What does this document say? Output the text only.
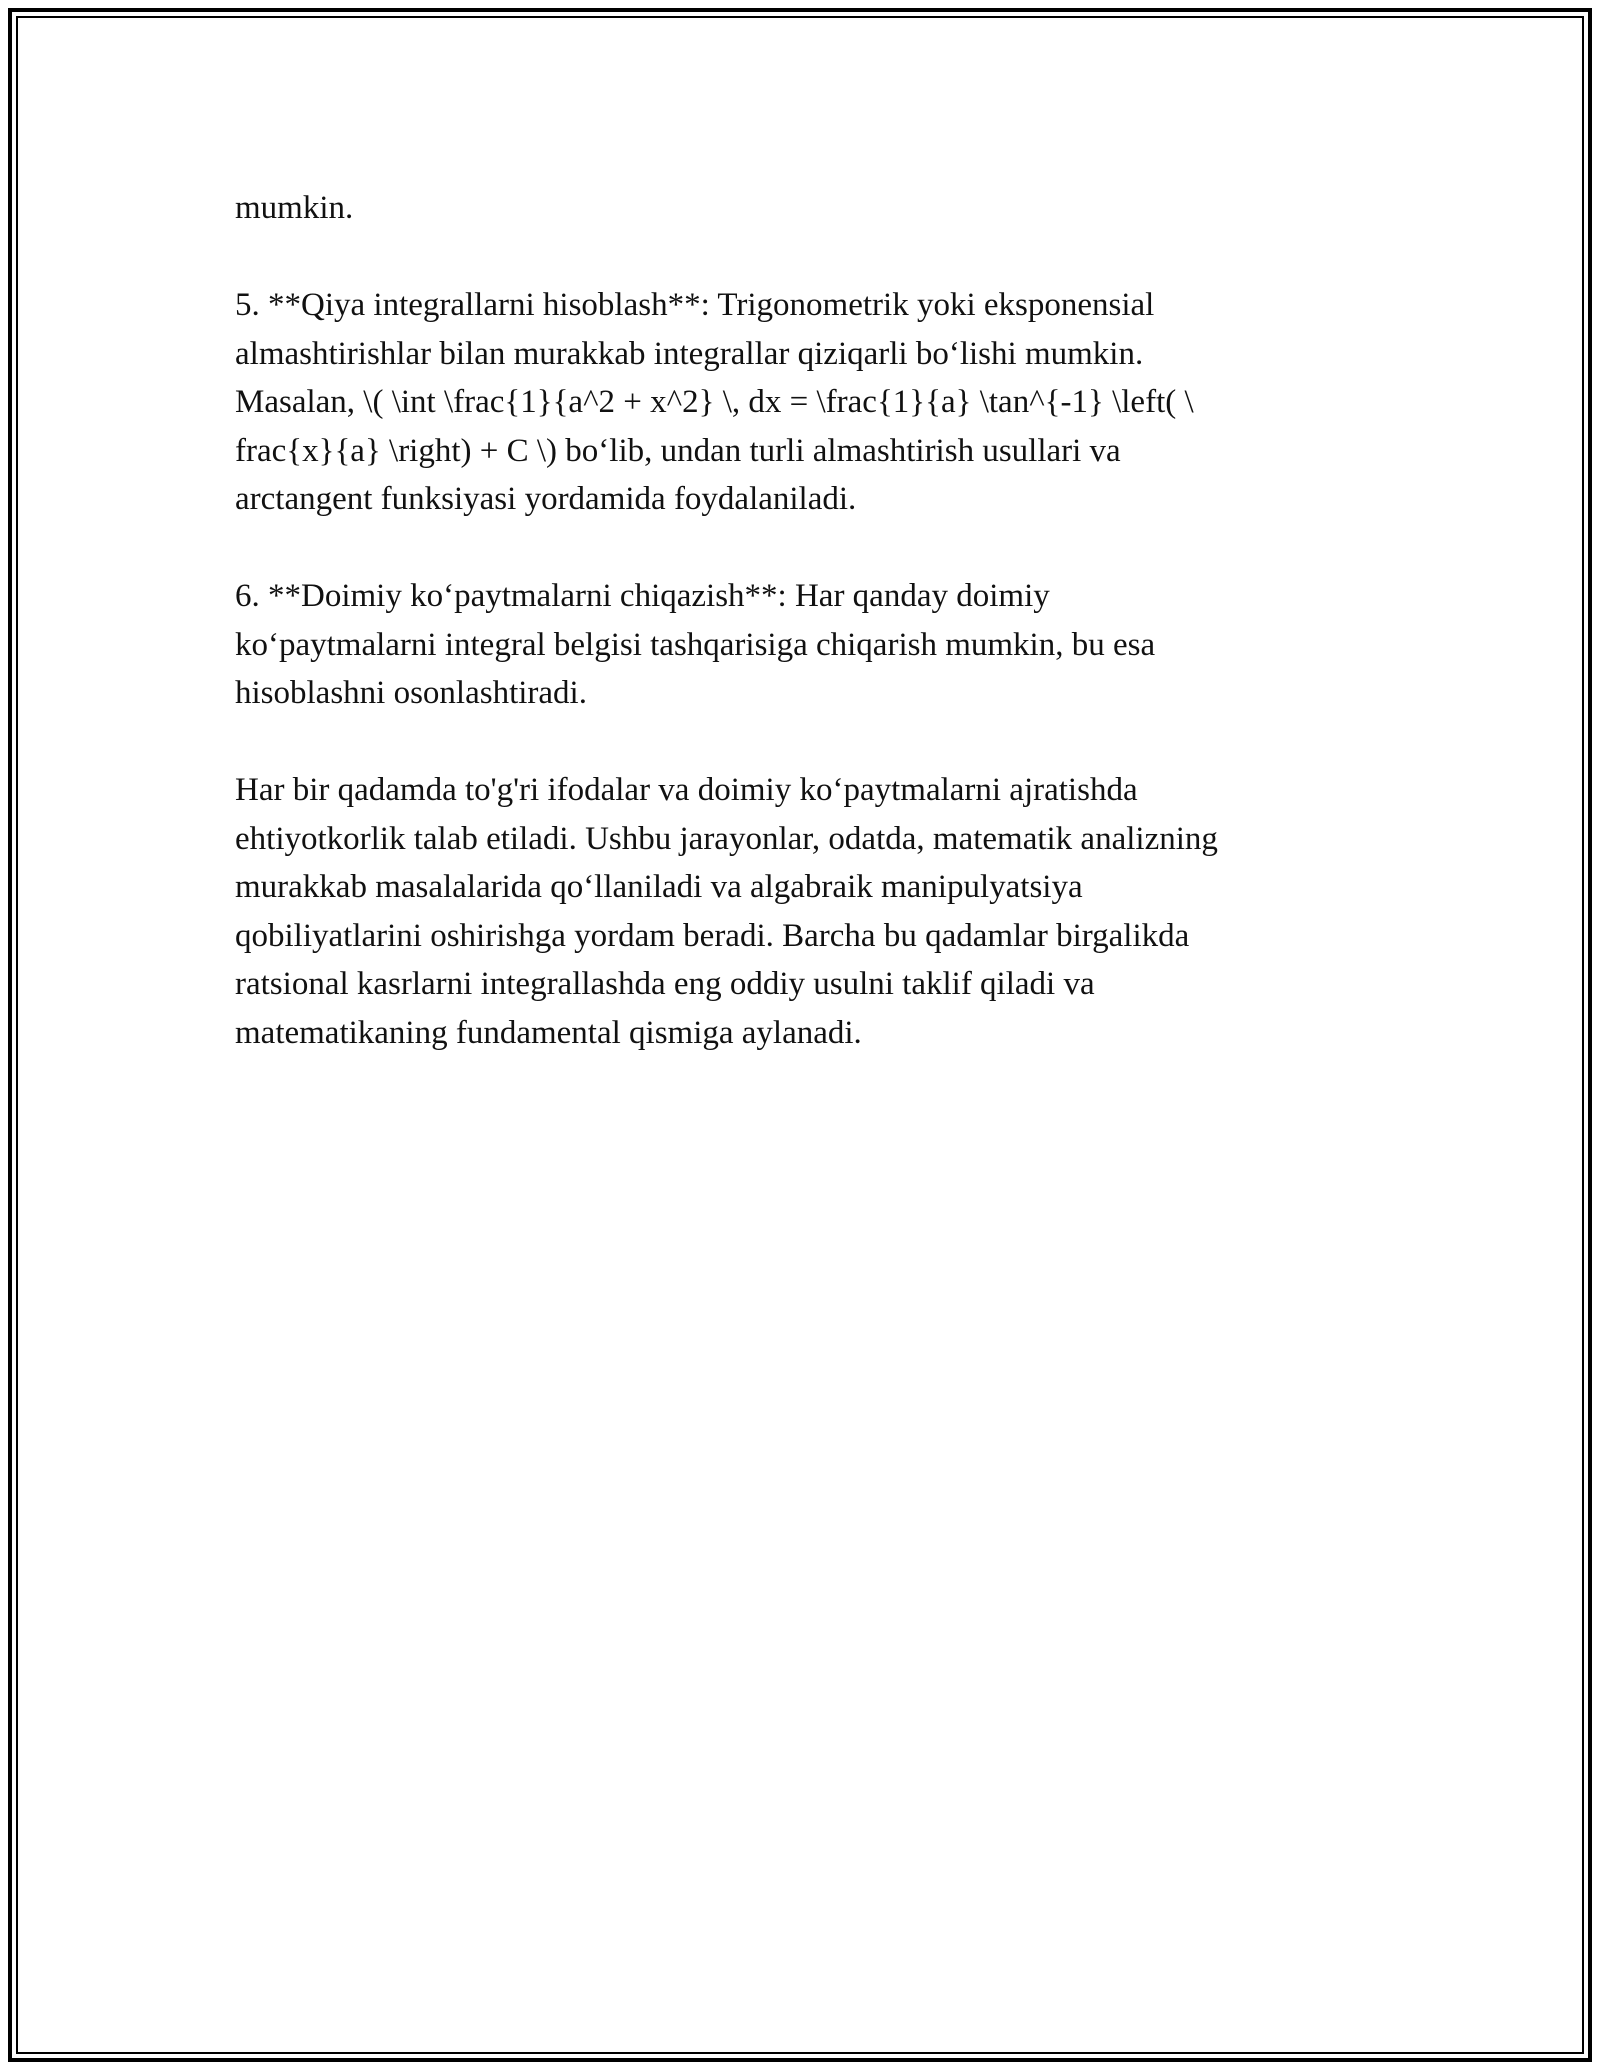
mumkin.

5. **Qiya integrallarni hisoblash**: Trigonometrik yoki eksponensial
almashtirishlar bilan murakkab integrallar qiziqarli bo‘lishi mumkin.
Masalan, \( \int \frac{1}{a^2 + x^2} \, dx = \frac{1}{a} \tan^{-1} \left( \
frac{x}{a} \right) + C \) bo‘lib, undan turli almashtirish usullari va
arctangent funksiyasi yordamida foydalaniladi.

6. **Doimiy ko‘paytmalarni chiqazish**: Har qanday doimiy
ko‘paytmalarni integral belgisi tashqarisiga chiqarish mumkin, bu esa
hisoblashni osonlashtiradi.

Har bir qadamda to'g'ri ifodalar va doimiy ko‘paytmalarni ajratishda
ehtiyotkorlik talab etiladi. Ushbu jarayonlar, odatda, matematik analizning
murakkab masalalarida qo‘llaniladi va algabraik manipulyatsiya
qobiliyatlarini oshirishga yordam beradi. Barcha bu qadamlar birgalikda
ratsional kasrlarni integrallashda eng oddiy usulni taklif qiladi va
matematikaning fundamental qismiga aylanadi.
